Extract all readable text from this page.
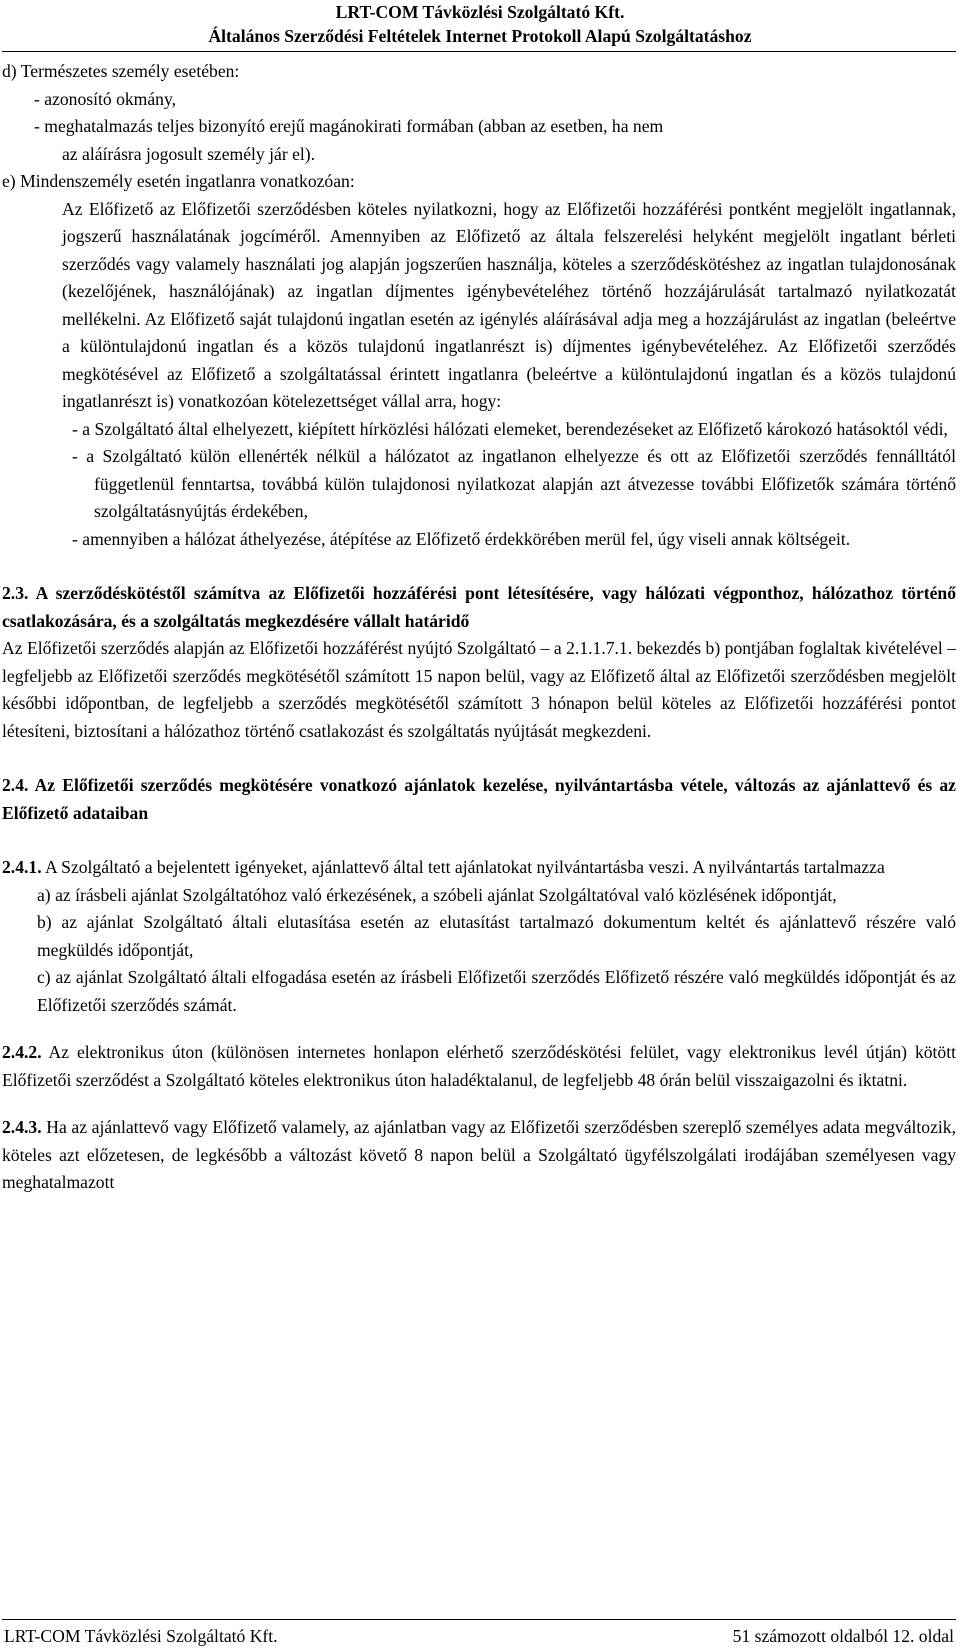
LRT-COM Távközlési Szolgáltató Kft.
Általános Szerződési Feltételek Internet Protokoll Alapú Szolgáltatáshoz

d) Természetes személy esetében:

- azonosító okmány,

- meghatalmazás teljes bizonyító erejű magánokirati formában (abban az esetben, ha nem

az aláírásra jogosult személy jár el).

e) Mindenszemély esetén ingatlanra vonatkozóan:

Az Előfizető az Előfizetői szerződésben köteles nyilatkozni, hogy az Előfizetői hozzáférési pontként megjelölt ingatlannak, jogszerű használatának jogcíméről. Amennyiben az Előfizető az általa felszerelési helyként megjelölt ingatlant bérleti szerződés vagy valamely használati jog alapján jogszerűen használja, köteles a szerződéskötéshez az ingatlan tulajdonosának (kezelőjének, használójának) az ingatlan díjmentes igénybevételéhez történő hozzájárulását tartalmazó nyilatkozatát mellékelni. Az Előfizető saját tulajdonú ingatlan esetén az igénylés aláírásával adja meg a hozzájárulást az ingatlan (beleértve a különtulajdonú ingatlan és a közös tulajdonú ingatlanrészt is) díjmentes igénybevételéhez. Az Előfizetői szerződés megkötésével az Előfizető a szolgáltatással érintett ingatlanra (beleértve a különtulajdonú ingatlan és a közös tulajdonú ingatlanrészt is) vonatkozóan kötelezettséget vállal arra, hogy:

- a Szolgáltató által elhelyezett, kiépített hírközlési hálózati elemeket, berendezéseket az Előfizető károkozó hatásoktól védi,

- a Szolgáltató külön ellenérték nélkül a hálózatot az ingatlanon elhelyezze és ott az Előfizetői szerződés fennálltától függetlenül fenntartsa, továbbá külön tulajdonosi nyilatkozat alapján azt átvezesse további Előfizetők számára történő szolgáltatásnyújtás érdekében,

- amennyiben a hálózat áthelyezése, átépítése az Előfizető érdekkörében merül fel, úgy viseli annak költségeit.

2.3. A szerződéskötéstől számítva az Előfizetői hozzáférési pont létesítésére, vagy hálózati végponthoz, hálózathoz történő csatlakozására, és a szolgáltatás megkezdésére vállalt határidő

Az Előfizetői szerződés alapján az Előfizetői hozzáférést nyújtó Szolgáltató – a 2.1.1.7.1. bekezdés b) pontjában foglaltak kivételével – legfeljebb az Előfizetői szerződés megkötésétől számított 15 napon belül, vagy az Előfizető által az Előfizetői szerződésben megjelölt későbbi időpontban, de legfeljebb a szerződés megkötésétől számított 3 hónapon belül köteles az Előfizetői hozzáférési pontot létesíteni, biztosítani a hálózathoz történő csatlakozást és szolgáltatás nyújtását megkezdeni.

2.4. Az Előfizetői szerződés megkötésére vonatkozó ajánlatok kezelése, nyilvántartásba vétele, változás az ajánlattevő és az Előfizető adataiban

2.4.1. A Szolgáltató a bejelentett igényeket, ajánlattevő által tett ajánlatokat nyilvántartásba veszi. A nyilvántartás tartalmazza

a) az írásbeli ajánlat Szolgáltatóhoz való érkezésének, a szóbeli ajánlat Szolgáltatóval való közlésének időpontját,

b) az ajánlat Szolgáltató általi elutasítása esetén az elutasítást tartalmazó dokumentum keltét és ajánlattevő részére való megküldés időpontját,

c) az ajánlat Szolgáltató általi elfogadása esetén az írásbeli Előfizetői szerződés Előfizető részére való megküldés időpontját és az Előfizetői szerződés számát.

2.4.2. Az elektronikus úton (különösen internetes honlapon elérhető szerződéskötési felület, vagy elektronikus levél útján) kötött Előfizetői szerződést a Szolgáltató köteles elektronikus úton haladéktalanul, de legfeljebb 48 órán belül visszaigazolni és iktatni.

2.4.3. Ha az ajánlattevő vagy Előfizető valamely, az ajánlatban vagy az Előfizetői szerződésben szereplő személyes adata megváltozik, köteles azt előzetesen, de legkésőbb a változást követő 8 napon belül a Szolgáltató ügyfélszolgálati irodájában személyesen vagy meghatalmazott

LRT-COM Távközlési Szolgáltató Kft.	51 számozott oldalból 12. oldal
